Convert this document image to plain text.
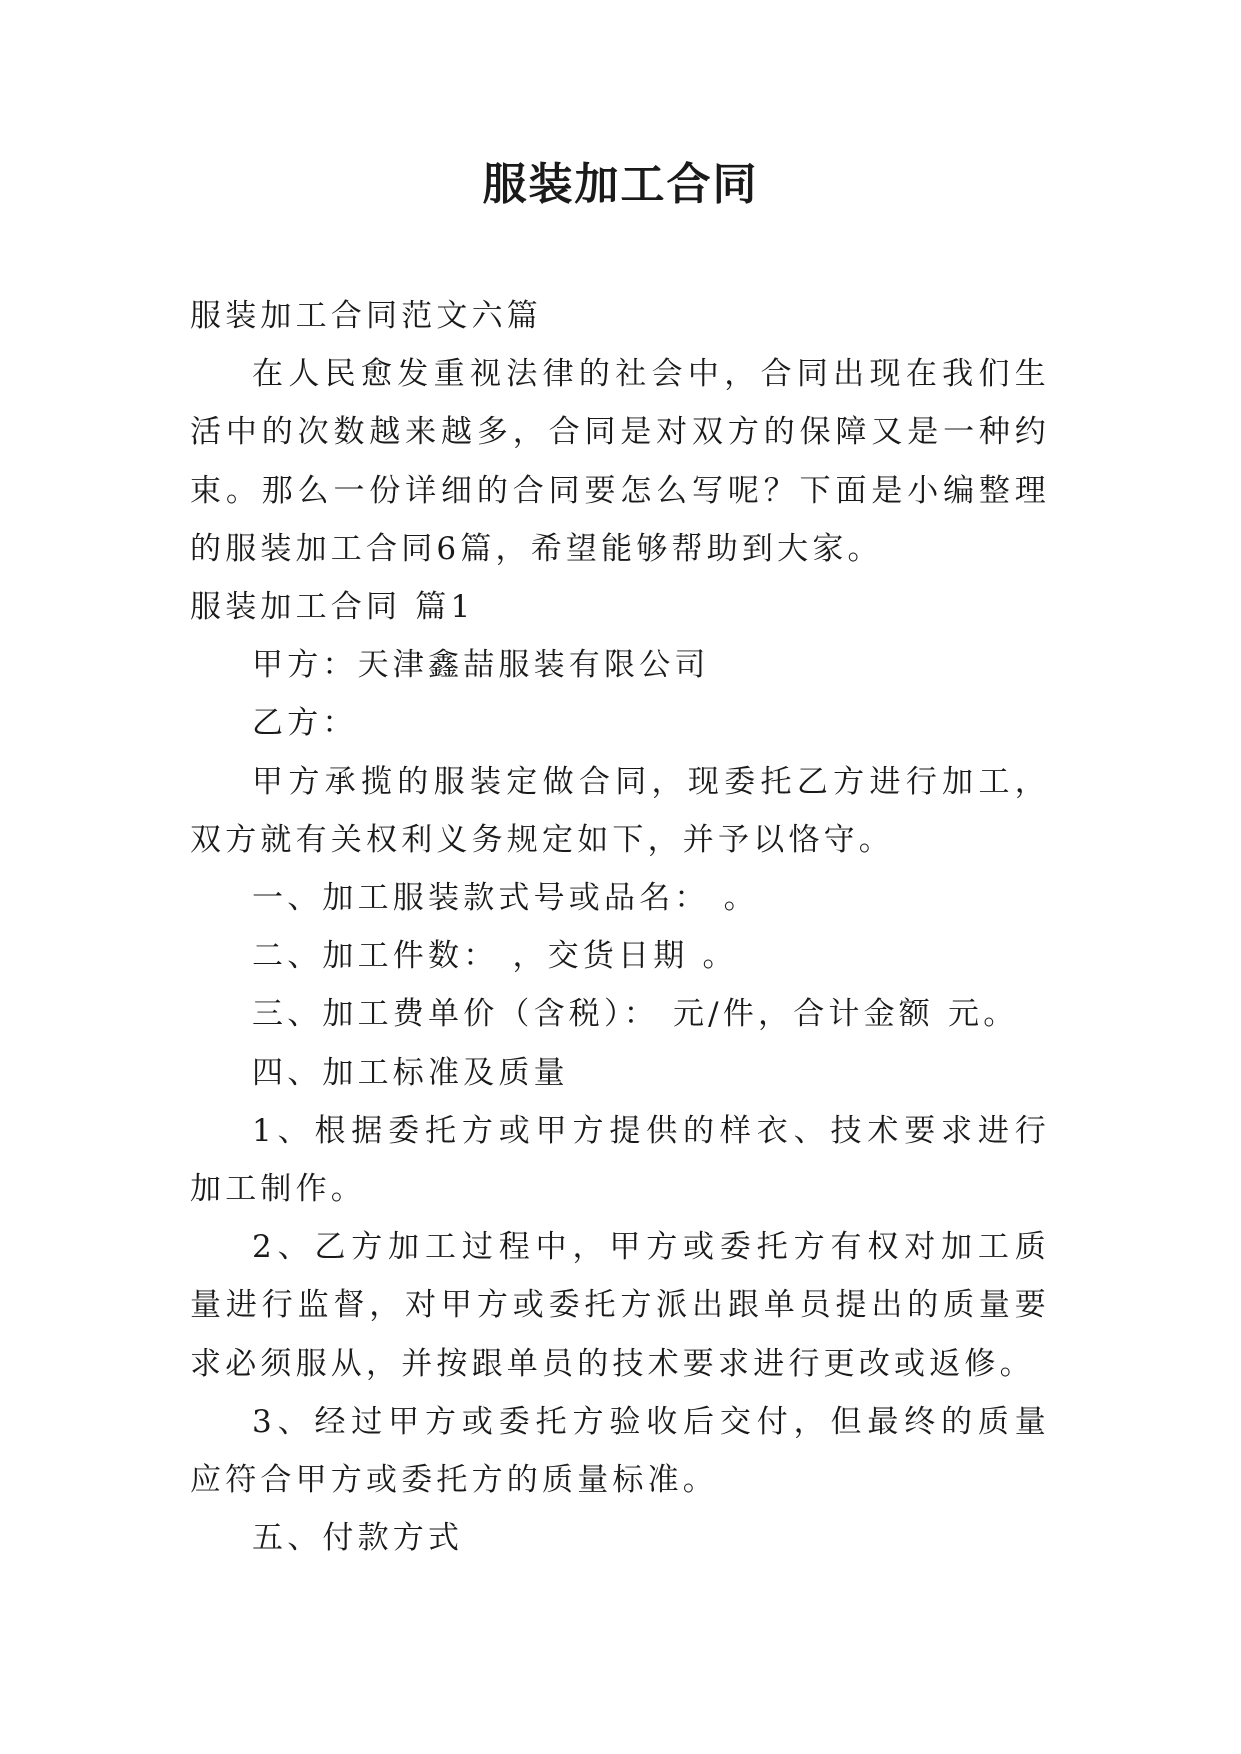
服装加工合同

服装加工合同范文六篇

在人民愈发重视法律的社会中，合同出现在我们生活中的次数越来越多，合同是对双方的保障又是一种约束。那么一份详细的合同要怎么写呢？下面是小编整理的服装加工合同6篇，希望能够帮助到大家。

服装加工合同 篇1

甲方：天津鑫喆服装有限公司

乙方：

甲方承揽的服装定做合同，现委托乙方进行加工，双方就有关权利义务规定如下，并予以恪守。

一、加工服装款式号或品名： 。

二、加工件数： ，交货日期 。

三、加工费单价（含税）： 元/件，合计金额 元。

四、加工标准及质量

1、根据委托方或甲方提供的样衣、技术要求进行加工制作。

2、乙方加工过程中，甲方或委托方有权对加工质量进行监督，对甲方或委托方派出跟单员提出的质量要求必须服从，并按跟单员的技术要求进行更改或返修。

3、经过甲方或委托方验收后交付，但最终的质量应符合甲方或委托方的质量标准。

五、付款方式
